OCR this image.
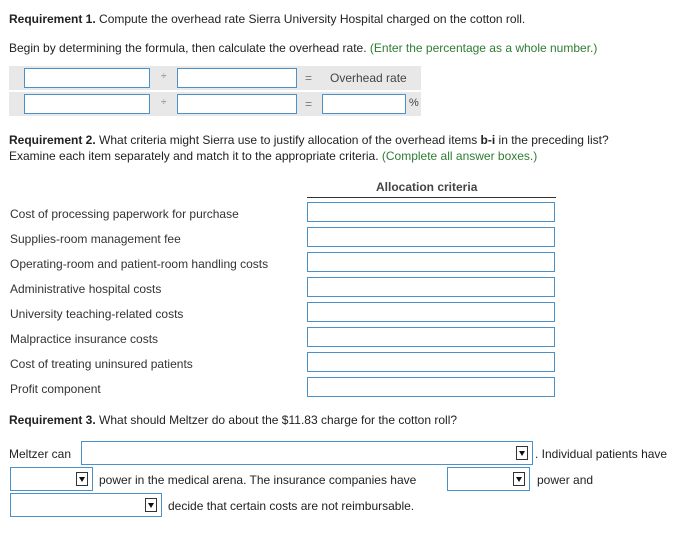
Requirement 1. Compute the overhead rate Sierra University Hospital charged on the cotton roll.
Begin by determining the formula, then calculate the overhead rate. (Enter the percentage as a whole number.)
÷	= Overhead rate
÷	=	%
Requirement 2. What criteria might Sierra use to justify allocation of the overhead items b-i in the preceding list?
Examine each item separately and match it to the appropriate criteria. (Complete all answer boxes.)
Allocation criteria
Cost of processing paperwork for purchase
Supplies-room management fee
Operating-room and patient-room handling costs
Administrative hospital costs
University teaching-related costs
Malpractice insurance costs
Cost of treating uninsured patients
Profit component
Requirement 3. What should Meltzer do about the $11.83 charge for the cotton roll?
Meltzer can	. Individual patients have
power in the medical arena. The insurance companies have	power and
decide that certain costs are not reimbursable.
